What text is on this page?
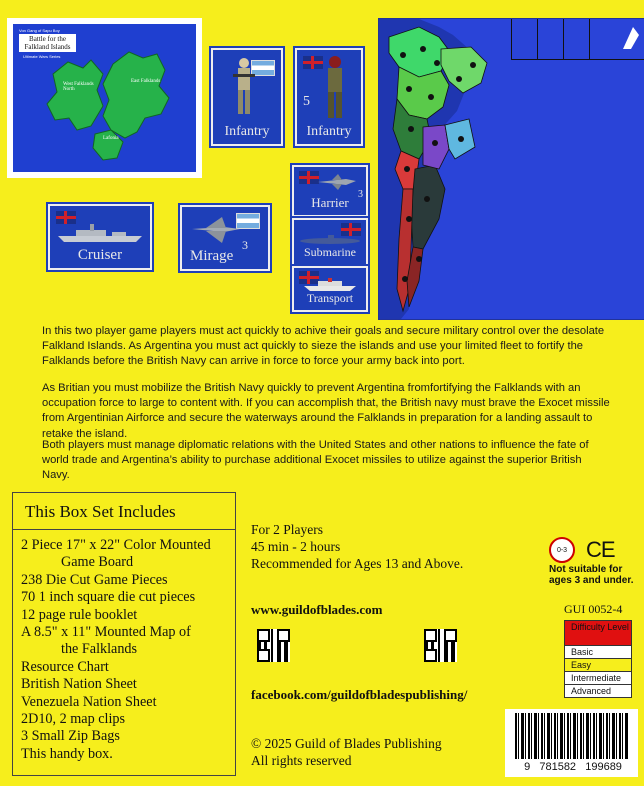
Von Gang of Sapu Boy
Battle for the Falkland Islands
Ultimate Wars Series
West Falklands North
East Falklands
Lafonia	Infantry
5
Infantry
Harrier
3
Submarine
Transport
Cruiser	Mirage
3

In this two player game players must act quickly to achive their goals and secure military control over the desolate Falkland Islands. As Argentina you must act quickly to sieze the islands and use your limited fleet to fortify the Falklands before the British Navy can arrive in force to force your army back into port.

As Britian you must mobilize the British Navy quickly to prevent Argentina fromfortifying the Falklands with an occupation force to large to content with. If you can accomplish that, the British navy must brave the Exocet missile from Argentinian Airforce and secure the waterways around the Falklands in preparation for a landing assault to retake the island.

Both players must manage diplomatic relations with the United States and other nations to influence the fate of world trade and Argentina’s ability to purchase additional Exocet missiles to utilize against the superior British Navy.

This Box Set Includes
2 Piece 17" x 22" Color Mounted
Game Board
238 Die Cut Game Pieces
70 1 inch square die cut pieces
12 page rule booklet
A 8.5" x 11" Mounted Map of
the Falklands
Resource Chart
British Nation Sheet
Venezuela Nation Sheet
2D10, 2 map clips
3 Small Zip Bags
This handy box.
For 2 Players
45 min - 2 hours
Recommended for Ages 13 and Above.
www.guildofblades.com
facebook.com/guildofbladespublishing/
© 2025 Guild of Blades Publishing
All rights reserved
0-3 CE
Not suitable for ages 3 and under.
GUI 0052-4
Difficulty Level
Basic
Easy
Intermediate
Advanced
9   781582   199689
